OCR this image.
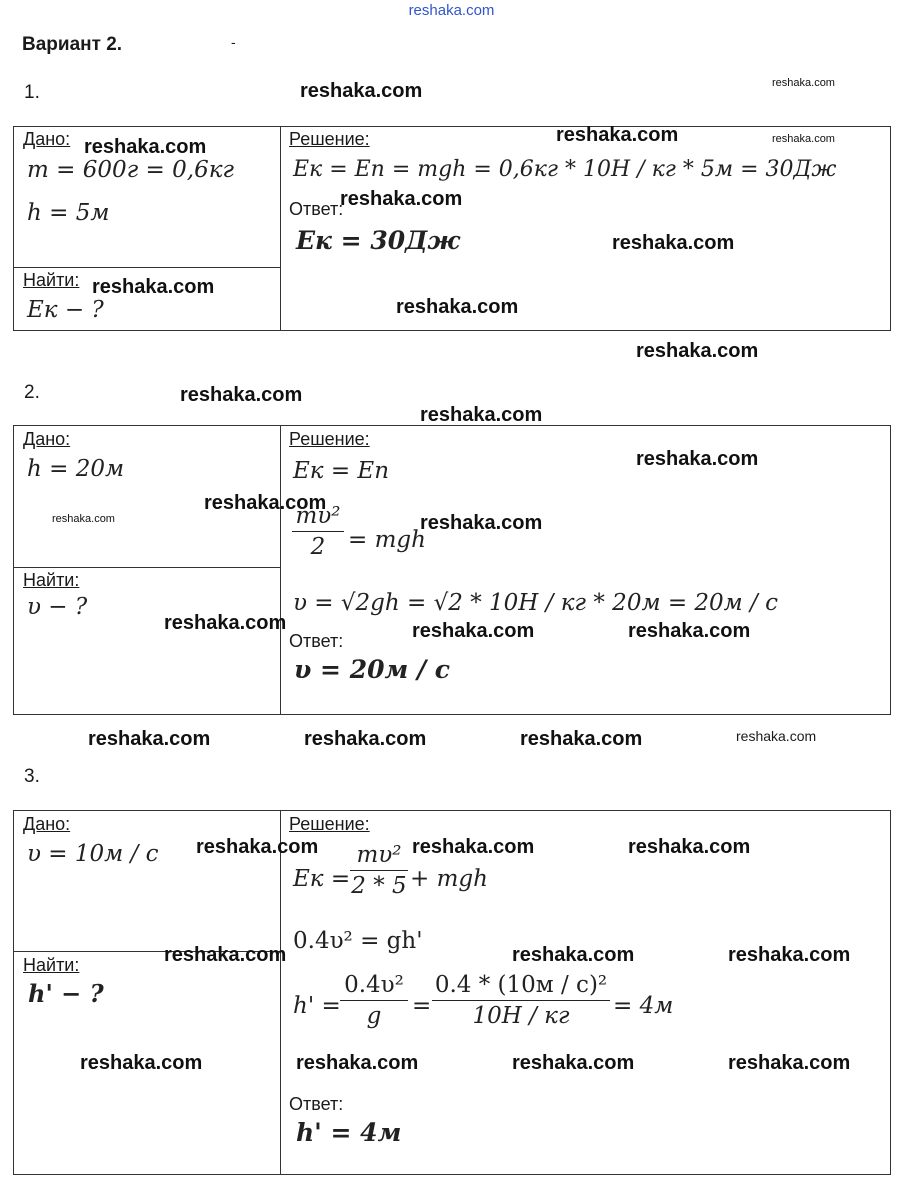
reshaka.com
Вариант 2.	-
1.
Дано:
m = 600г = 0,6кг
h = 5м
Найти:
Eк − ?
Решение:
Eк = Eп = mgh = 0,6кг * 10Н / кг * 5м = 30Дж
Ответ:
Eк = 30Дж
2.
Дано:
h = 20м
Найти:
υ − ?
Решение:
Eк = Eп
mυ²
2 = mgh
υ = √2gh = √2 * 10Н / кг * 20м = 20м / с
Ответ:
υ = 20м / с
3.
Дано:
υ = 10м / с
Найти:
h' − ?
Решение:
Eк =
mυ²
2 * 5 + mgh
0.4υ² = gh'
h' =
0.4υ²
g	=
0.4 * (10м / с)²
10Н / кг	= 4м
Ответ:
h' = 4м
reshaka.com	reshaka.com
reshaka.com
reshaka.com	reshaka.com
reshaka.com
reshaka.com
reshaka.com
reshaka.com
reshaka.com
reshaka.com
reshaka.com
reshaka.com
reshaka.com
reshaka.com	reshaka.com
reshaka.com	reshaka.com	reshaka.com
reshaka.com	reshaka.com	reshaka.com	reshaka.com
reshaka.com	reshaka.com	reshaka.com
reshaka.com	reshaka.com	reshaka.com
reshaka.com	reshaka.com	reshaka.com	reshaka.com
